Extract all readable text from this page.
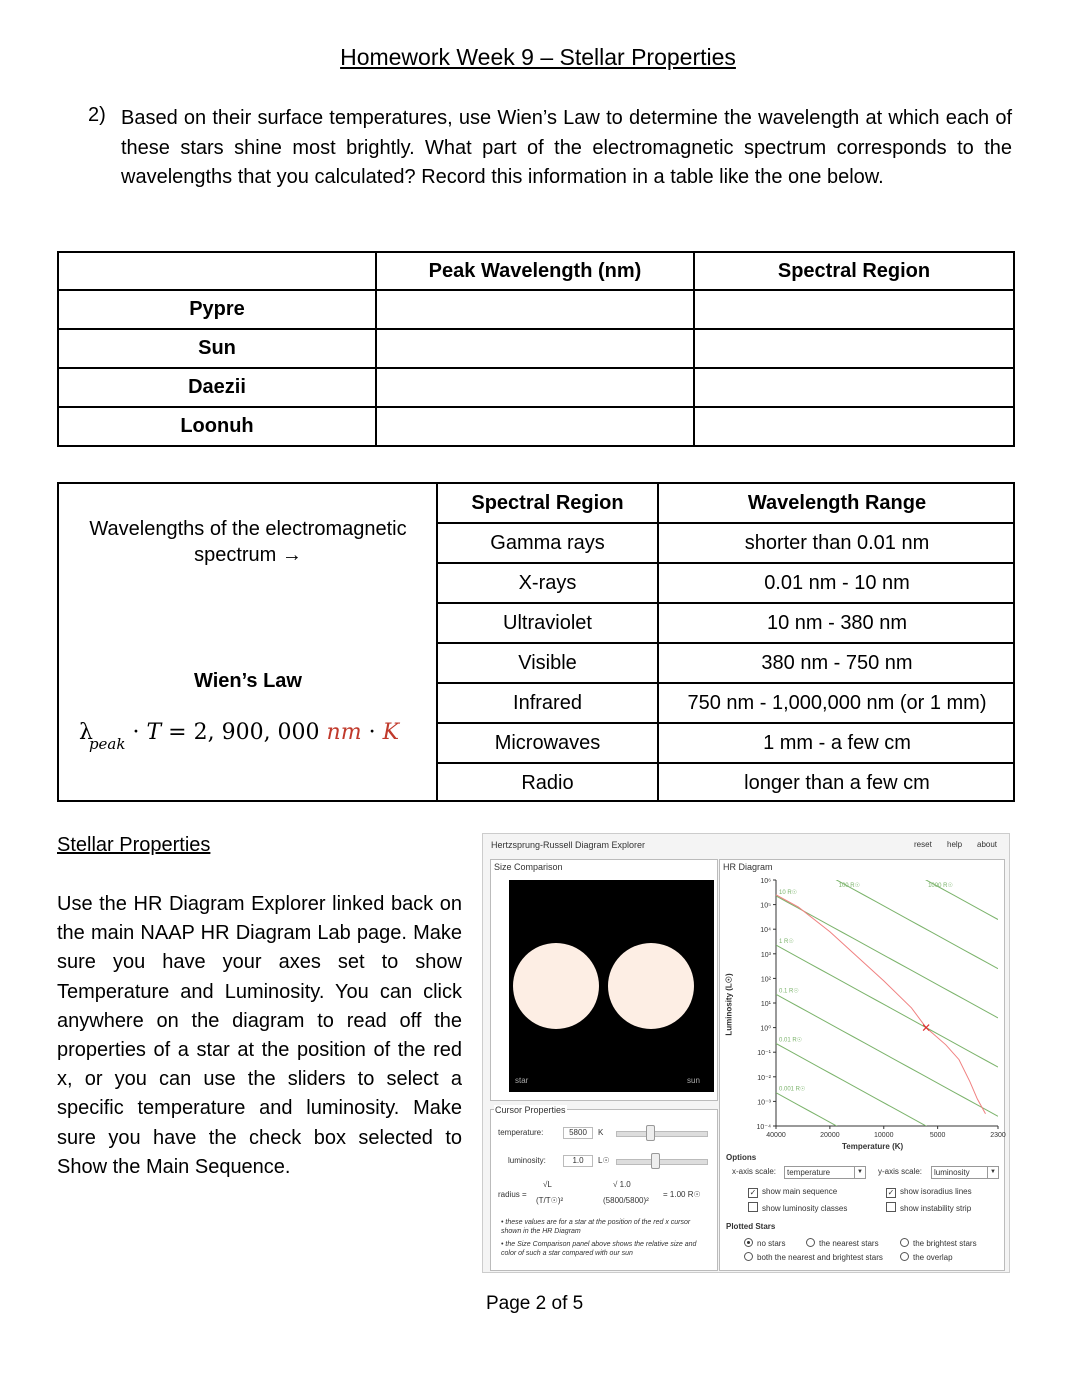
Homework Week 9 – Stellar Properties
2) Based on their surface temperatures, use Wien’s Law to determine the wavelength at which each of these stars shine most brightly. What part of the electromagnetic spectrum corresponds to the wavelengths that you calculated? Record this information in a table like the one below.
	Peak Wavelength (nm)	Spectral Region
Pypre		
Sun		
Daezii		
Loonuh		
Wavelengths of the electromagnetic
spectrum →
Wien’s Law
$\lambda_{peak} \cdot T = 2$, 900, 000 nm · K
Spectral Region	Wavelength Range
Gamma rays	shorter than 0.01 nm
X-rays	0.01 nm - 10 nm
Ultraviolet	10 nm - 380 nm
Visible	380 nm - 750 nm
Infrared	750 nm - 1,000,000 nm (or 1 mm)
Microwaves	1 mm - a few cm
Radio	longer than a few cm
Stellar Properties
Use the HR Diagram Explorer linked back on the main NAAP HR Diagram Lab page. Make sure you have your axes set to show Temperature and Luminosity. You can click anywhere on the diagram to read off the properties of a star at the position of the red x, or you can use the sliders to select a specific temperature and luminosity. Make sure you have the check box selected to Show the Main Sequence.
Hertzsprung-Russell Diagram Explorer	reset help about
Size Comparison
star	sun
Cursor Properties
temperature:	5800	K
luminosity:	1.0	L☉
radius =
√L
(T/T☉)²
√ 1.0
(5800/5800)²
= 1.00 R☉
• these values are for a star at the position of the red x cursor shown in the HR Diagram
• the Size Comparison panel above shows the relative size and color of such a star compared with our sun
HR Diagram
10⁶
10⁵
10⁴
10³
10²
10¹
10⁰
10⁻¹
10⁻²
10⁻³
10⁻⁴
40000	20000	10000	5000	2300
1000 R☉
100 R☉
10 R☉
1 R☉
0.1 R☉
0.01 R☉
0.001 R☉
Temperature (K)
Luminosity (L☉)
Options
x-axis scale:	temperature	▼ y-axis scale:	luminosity	▼
✓ show main sequence	✓ show isoradius lines
show luminosity classes	show instability strip
Plotted Stars
no stars	the nearest stars	the brightest stars
both the nearest and brightest stars	the overlap
Page 2 of 5
